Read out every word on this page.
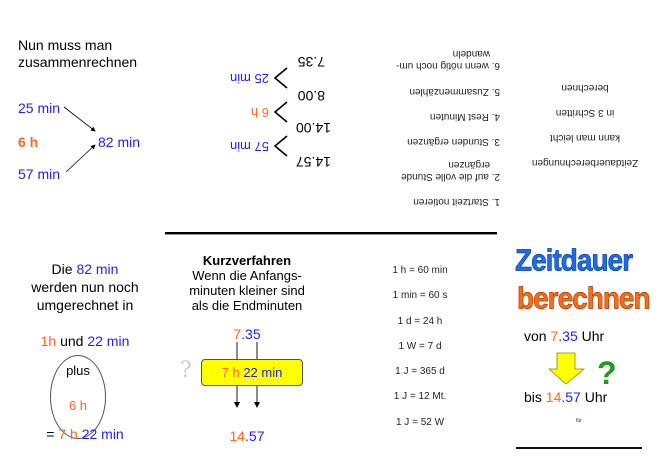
Nun muss man
zusammenrechnen
25 min
6 h
57 min
82 min
14.57
14.00
8.00
7.35
57 min
6 h
25 min
1. Startzeit notieren
2. auf die volle Stunde
ergänzen
3. Stunden ergänzen
4. Rest Minuten
5. Zusammenzählen
6. wenn nötig noch um-
wandeln
Zeitdauerberechnungen
kann man leicht
in 3 Schritten
berechnen
Die 82 min
werden nun noch
umgerechnet in
1h und 22 min
plus
6 h
= 7 h 22 min
Kurzverfahren
Wenn die Anfangs-
minuten kleiner sind
als die Endminuten
7.35
7 h 22 min
?
14.57
1 h = 60 min
1 min = 60 s
1 d = 24 h
1 W = 7 d
1 J = 365 d
1 J = 12 Mt.
1 J = 52 W
Zeitdauer
berechnen
von 7.35 Uhr
?
bis 14.57 Uhr
für
